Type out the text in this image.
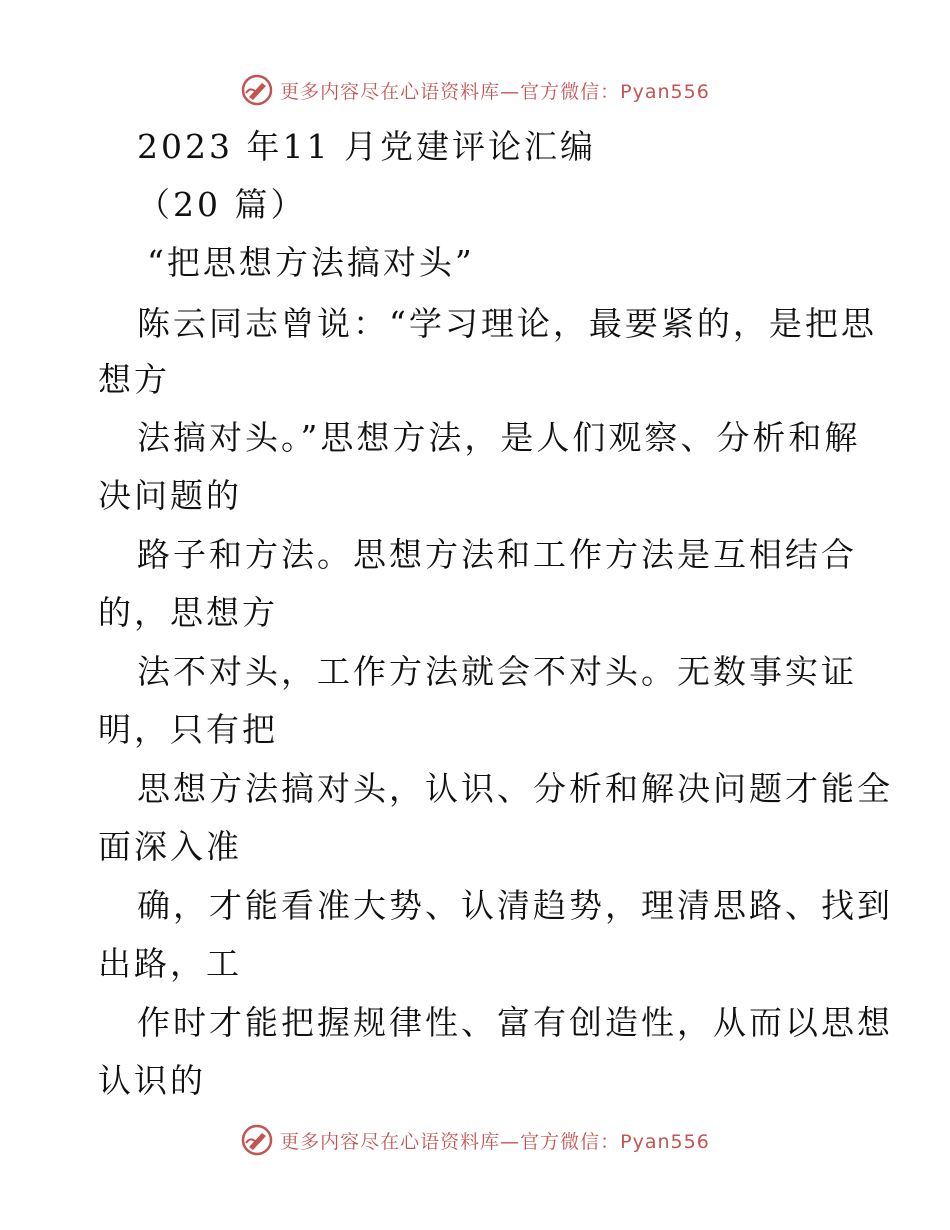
更多内容尽在心语资料库—官方微信：Pyan556
2023 年11 月党建评论汇编
（20 篇）
“把思想方法搞对头”
陈云同志曾说：“学习理论，最要紧的，是把思
想方
法搞对头。”思想方法，是人们观察、分析和解
决问题的
路子和方法。思想方法和工作方法是互相结合
的，思想方
法不对头，工作方法就会不对头。无数事实证
明，只有把
思想方法搞对头，认识、分析和解决问题才能全
面深入准
确，才能看准大势、认清趋势，理清思路、找到
出路，工
作时才能把握规律性、富有创造性，从而以思想
认识的
更多内容尽在心语资料库—官方微信：Pyan556
